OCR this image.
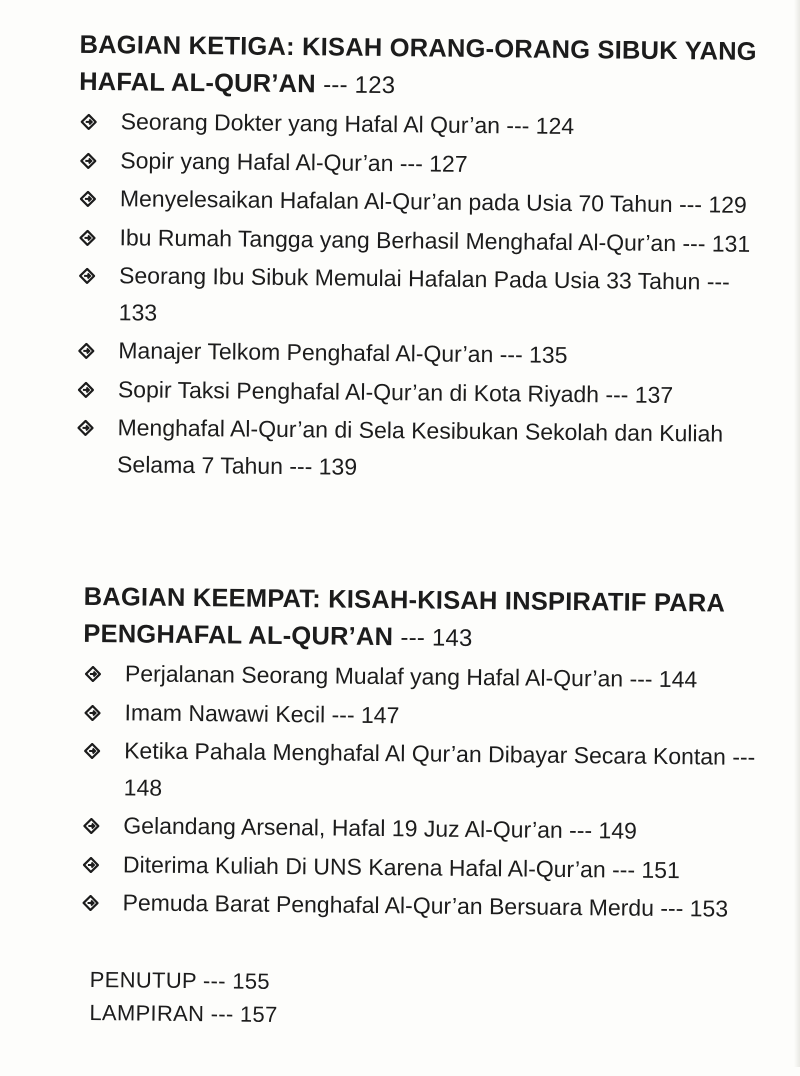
BAGIAN KETIGA: KISAH ORANG-ORANG SIBUK YANG HAFAL AL-QUR’AN --- 123
Seorang Dokter yang Hafal Al Qur’an --- 124
Sopir yang Hafal Al-Qur’an --- 127
Menyelesaikan Hafalan Al-Qur’an pada Usia 70 Tahun --- 129
Ibu Rumah Tangga yang Berhasil Menghafal Al-Qur’an --- 131
Seorang Ibu Sibuk Memulai Hafalan Pada Usia 33 Tahun --- 133
Manajer Telkom Penghafal Al-Qur’an --- 135
Sopir Taksi Penghafal Al-Qur’an di Kota Riyadh --- 137
Menghafal Al-Qur’an di Sela Kesibukan Sekolah dan Kuliah Selama 7 Tahun --- 139
BAGIAN KEEMPAT: KISAH-KISAH INSPIRATIF PARA PENGHAFAL AL-QUR’AN --- 143
Perjalanan Seorang Mualaf yang Hafal Al-Qur’an --- 144
Imam Nawawi Kecil --- 147
Ketika Pahala Menghafal Al Qur’an Dibayar Secara Kontan --- 148
Gelandang Arsenal, Hafal 19 Juz Al-Qur’an --- 149
Diterima Kuliah Di UNS Karena Hafal Al-Qur’an --- 151
Pemuda Barat Penghafal Al-Qur’an Bersuara Merdu --- 153
PENUTUP --- 155
LAMPIRAN --- 157
